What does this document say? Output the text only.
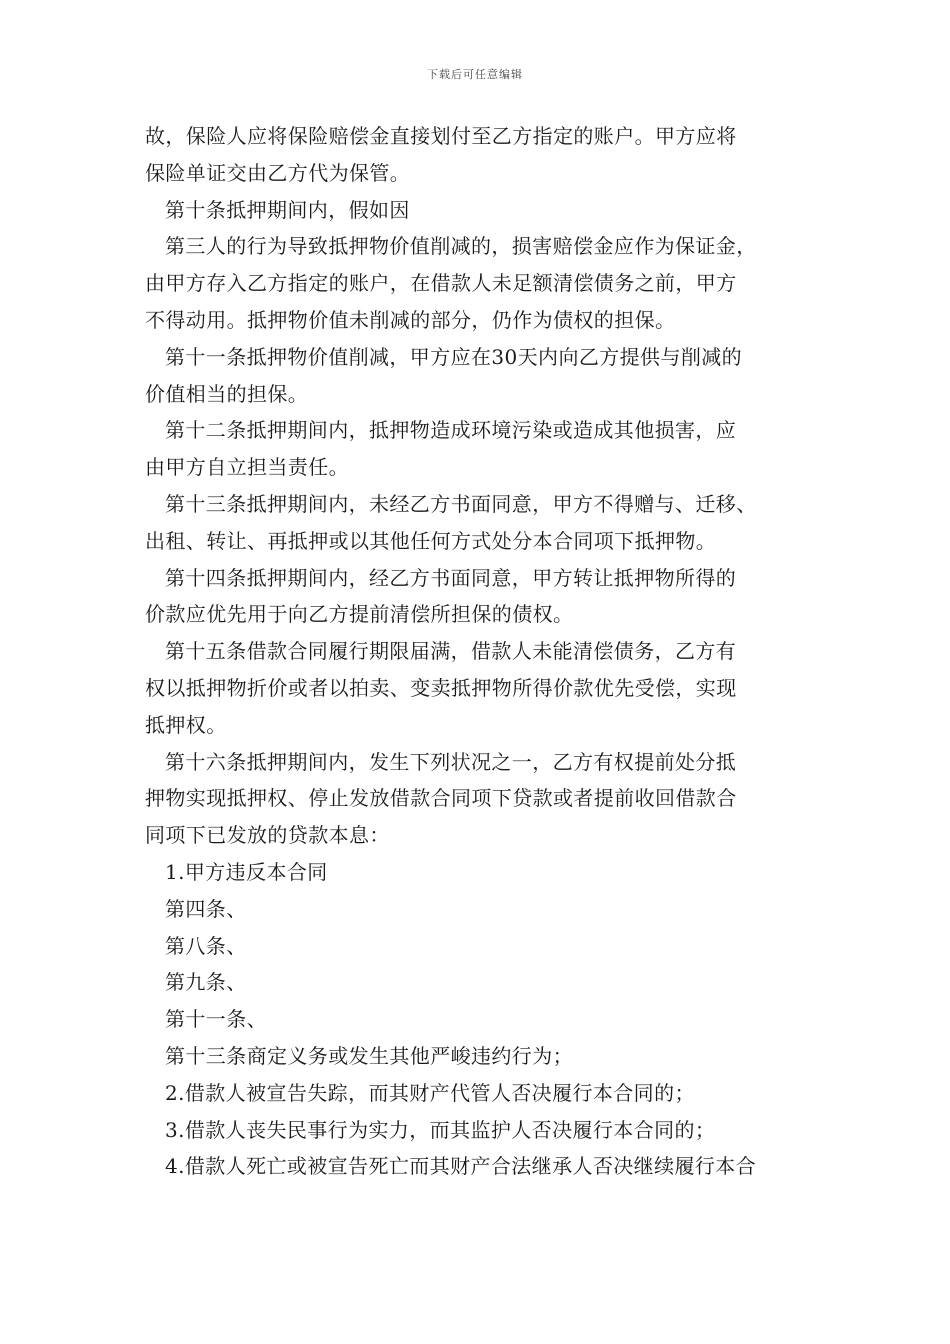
下载后可任意编辑

故，保险人应将保险赔偿金直接划付至乙方指定的账户。甲方应将

保险单证交由乙方代为保管。

第十条抵押期间内，假如因

第三人的行为导致抵押物价值削减的，损害赔偿金应作为保证金，

由甲方存入乙方指定的账户，在借款人未足额清偿债务之前，甲方

不得动用。抵押物价值未削减的部分，仍作为债权的担保。

第十一条抵押物价值削减，甲方应在30天内向乙方提供与削减的

价值相当的担保。

第十二条抵押期间内，抵押物造成环境污染或造成其他损害，应

由甲方自立担当责任。

第十三条抵押期间内，未经乙方书面同意，甲方不得赠与、迁移、

出租、转让、再抵押或以其他任何方式处分本合同项下抵押物。

第十四条抵押期间内，经乙方书面同意，甲方转让抵押物所得的

价款应优先用于向乙方提前清偿所担保的债权。

第十五条借款合同履行期限届满，借款人未能清偿债务，乙方有

权以抵押物折价或者以拍卖、变卖抵押物所得价款优先受偿，实现

抵押权。

第十六条抵押期间内，发生下列状况之一，乙方有权提前处分抵

押物实现抵押权、停止发放借款合同项下贷款或者提前收回借款合

同项下已发放的贷款本息：

1.甲方违反本合同

第四条、

第八条、

第九条、

第十一条、

第十三条商定义务或发生其他严峻违约行为；

2.借款人被宣告失踪，而其财产代管人否决履行本合同的；

3.借款人丧失民事行为实力，而其监护人否决履行本合同的；

4.借款人死亡或被宣告死亡而其财产合法继承人否决继续履行本合
